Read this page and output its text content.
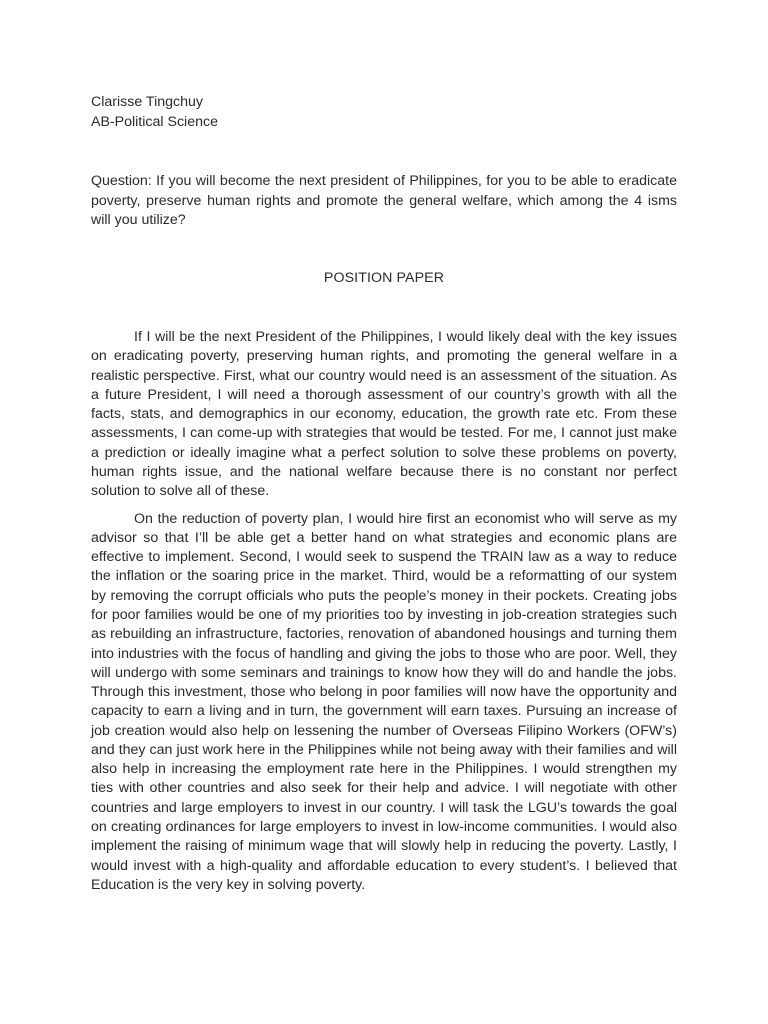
Clarisse Tingchuy
AB-Political Science
Question: If you will become the next president of Philippines, for you to be able to eradicate poverty, preserve human rights and promote the general welfare, which among the 4 isms will you utilize?
POSITION PAPER

If I will be the next President of the Philippines, I would likely deal with the key issues on eradicating poverty, preserving human rights, and promoting the general welfare in a realistic perspective. First, what our country would need is an assessment of the situation. As a future President, I will need a thorough assessment of our country’s growth with all the facts, stats, and demographics in our economy, education, the growth rate etc. From these assessments, I can come-up with strategies that would be tested. For me, I cannot just make a prediction or ideally imagine what a perfect solution to solve these problems on poverty, human rights issue, and the national welfare because there is no constant nor perfect solution to solve all of these.

On the reduction of poverty plan, I would hire first an economist who will serve as my advisor so that I’ll be able get a better hand on what strategies and economic plans are effective to implement. Second, I would seek to suspend the TRAIN law as a way to reduce the inflation or the soaring price in the market. Third, would be a reformatting of our system by removing the corrupt officials who puts the people’s money in their pockets. Creating jobs for poor families would be one of my priorities too by investing in job-creation strategies such as rebuilding an infrastructure, factories, renovation of abandoned housings and turning them into industries with the focus of handling and giving the jobs to those who are poor. Well, they will undergo with some seminars and trainings to know how they will do and handle the jobs. Through this investment, those who belong in poor families will now have the opportunity and capacity to earn a living and in turn, the government will earn taxes. Pursuing an increase of job creation would also help on lessening the number of Overseas Filipino Workers (OFW’s) and they can just work here in the Philippines while not being away with their families and will also help in increasing the employment rate here in the Philippines. I would strengthen my ties with other countries and also seek for their help and advice. I will negotiate with other countries and large employers to invest in our country. I will task the LGU’s towards the goal on creating ordinances for large employers to invest in low-income communities. I would also implement the raising of minimum wage that will slowly help in reducing the poverty. Lastly, I would invest with a high-quality and affordable education to every student’s. I believed that Education is the very key in solving poverty.
